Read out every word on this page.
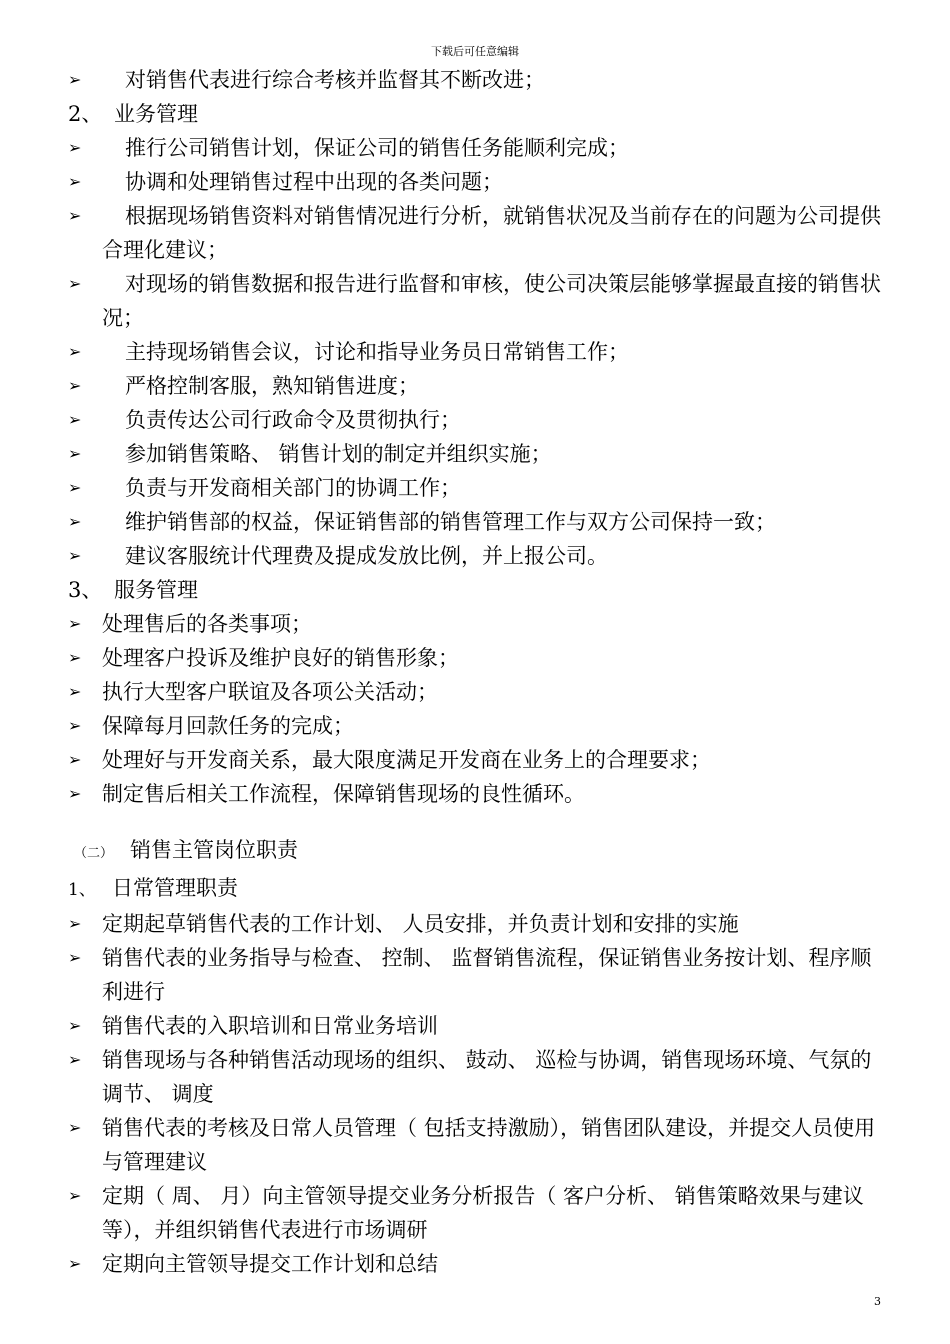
下载后可任意编辑
➢	对销售代表进行综合考核并监督其不断改进；
2、 业务管理
➢	推行公司销售计划，保证公司的销售任务能顺利完成；
➢	协调和处理销售过程中出现的各类问题；
➢	根据现场销售资料对销售情况进行分析，就销售状况及当前存在的问题为公司提供合理化建议；
➢	对现场的销售数据和报告进行监督和审核，使公司决策层能够掌握最直接的销售状况；
➢	主持现场销售会议，讨论和指导业务员日常销售工作；
➢	严格控制客服，熟知销售进度；
➢	负责传达公司行政命令及贯彻执行；
➢	参加销售策略、 销售计划的制定并组织实施；
➢	负责与开发商相关部门的协调工作；
➢	维护销售部的权益，保证销售部的销售管理工作与双方公司保持一致；
➢	建议客服统计代理费及提成发放比例，并上报公司。
3、 服务管理
➢ 处理售后的各类事项；
➢ 处理客户投诉及维护良好的销售形象；
➢ 执行大型客户联谊及各项公关活动；
➢ 保障每月回款任务的完成；
➢ 处理好与开发商关系，最大限度满足开发商在业务上的合理要求；
➢ 制定售后相关工作流程，保障销售现场的良性循环。
（二） 销售主管岗位职责
1、 日常管理职责
➢ 定期起草销售代表的工作计划、 人员安排，并负责计划和安排的实施
➢ 销售代表的业务指导与检查、 控制、 监督销售流程，保证销售业务按计划、程序顺利进行
➢ 销售代表的入职培训和日常业务培训
➢ 销售现场与各种销售活动现场的组织、 鼓动、 巡检与协调，销售现场环境、气氛的调节、 调度
➢ 销售代表的考核及日常人员管理（ 包括支持激励），销售团队建设，并提交人员使用与管理建议
➢ 定期（ 周、 月）向主管领导提交业务分析报告（ 客户分析、 销售策略效果与建议等），并组织销售代表进行市场调研
➢ 定期向主管领导提交工作计划和总结
3
